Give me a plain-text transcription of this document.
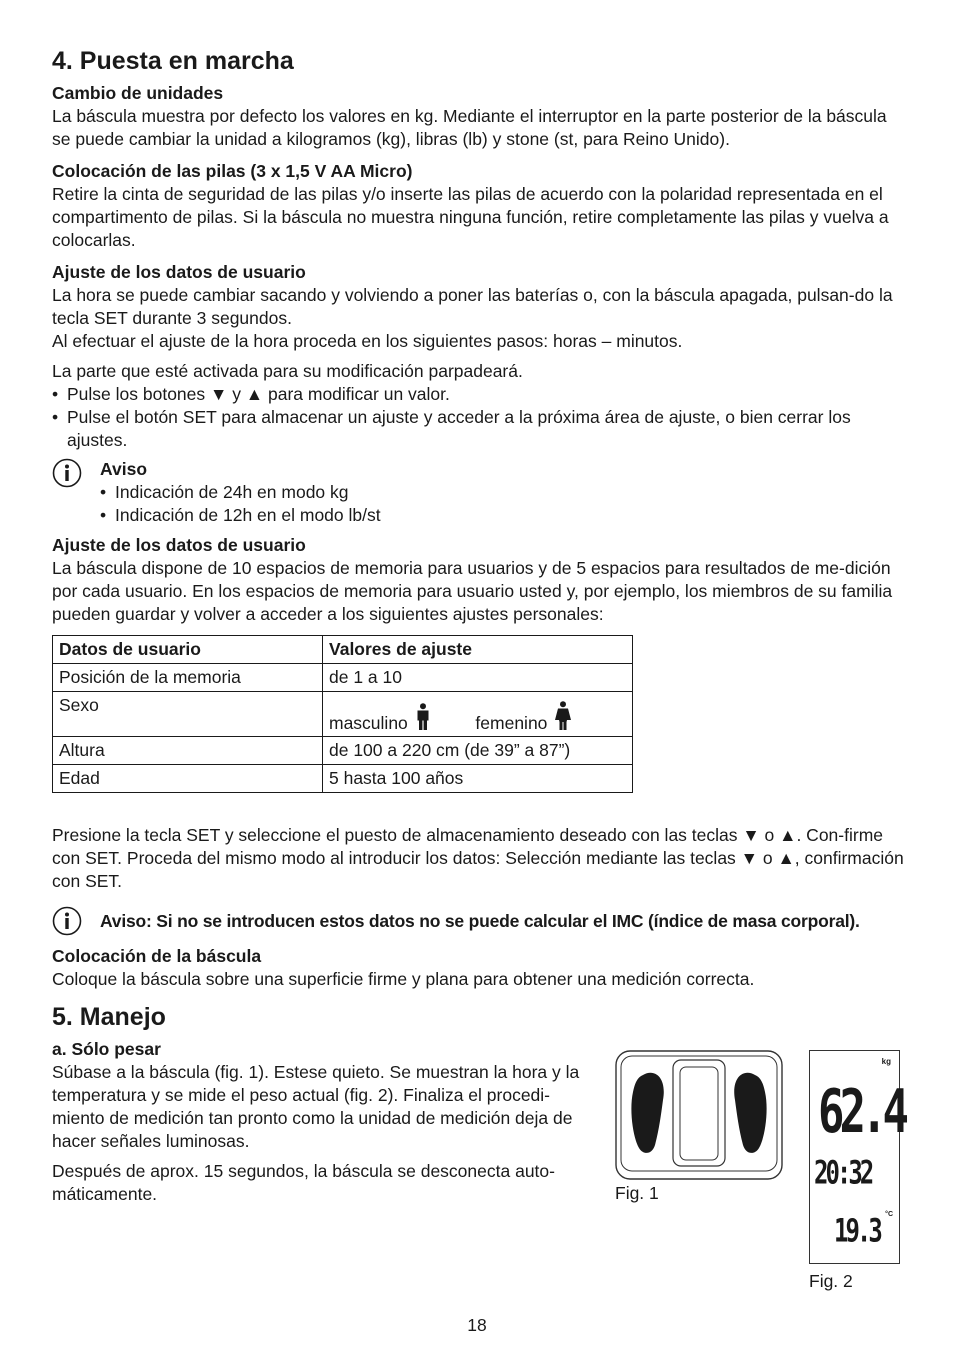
4. Puesta en marcha
Cambio de unidades

La báscula muestra por defecto los valores en kg. Mediante el interruptor en la parte posterior de la báscula se puede cambiar la unidad a kilogramos (kg), libras (lb) y stone (st, para Reino Unido).

Colocación de las pilas (3 x 1,5 V AA Micro)

Retire la cinta de seguridad de las pilas y/o inserte las pilas de acuerdo con la polaridad representada en el compartimento de pilas. Si la báscula no muestra ninguna función, retire completamente las pilas y vuelva a colocarlas.

Ajuste de los datos de usuario

La hora se puede cambiar sacando y volviendo a poner las baterías o, con la báscula apagada, pulsan-do la tecla SET durante 3 segundos.

Al efectuar el ajuste de la hora proceda en los siguientes pasos: horas – minutos.

La parte que esté activada para su modificación parpadeará.

• Pulse los botones ▼ y ▲ para modificar un valor.
• Pulse el botón SET para almacenar un ajuste y acceder a la próxima área de ajuste, o bien cerrar los ajustes.
Aviso
• Indicación de 24h en modo kg
• Indicación de 12h en el modo lb/st
Ajuste de los datos de usuario

La báscula dispone de 10 espacios de memoria para usuarios y de 5 espacios para resultados de me-dición por cada usuario. En los espacios de memoria para usuario usted y, por ejemplo, los miembros de su familia pueden guardar y volver a acceder a los siguientes ajustes personales:

Datos de usuario	Valores de ajuste
Posición de la memoria	de 1 a 10
Sexo	masculino femenino
Altura	de 100 a 220 cm (de 39” a 87”)
Edad	5 hasta 100 años

Presione la tecla SET y seleccione el puesto de almacenamiento deseado con las teclas ▼ o ▲. Con-firme con SET. Proceda del mismo modo al introducir los datos: Selección mediante las teclas ▼ o ▲, confirmación con SET.

Aviso: Si no se introducen estos datos no se puede calcular el IMC (índice de masa corporal).
Colocación de la báscula

Coloque la báscula sobre una superficie firme y plana para obtener una medición correcta.

5. Manejo
a. Sólo pesar

Súbase a la báscula (fig. 1). Estese quieto. Se muestran la hora y la temperatura y se mide el peso actual (fig. 2). Finaliza el procedi-miento de medición tan pronto como la unidad de medición deja de hacer señales luminosas.

Después de aprox. 15 segundos, la báscula se desconecta auto-máticamente.	Fig. 1
kg
62.4
20:32
19.3 °C
Fig. 2
18
